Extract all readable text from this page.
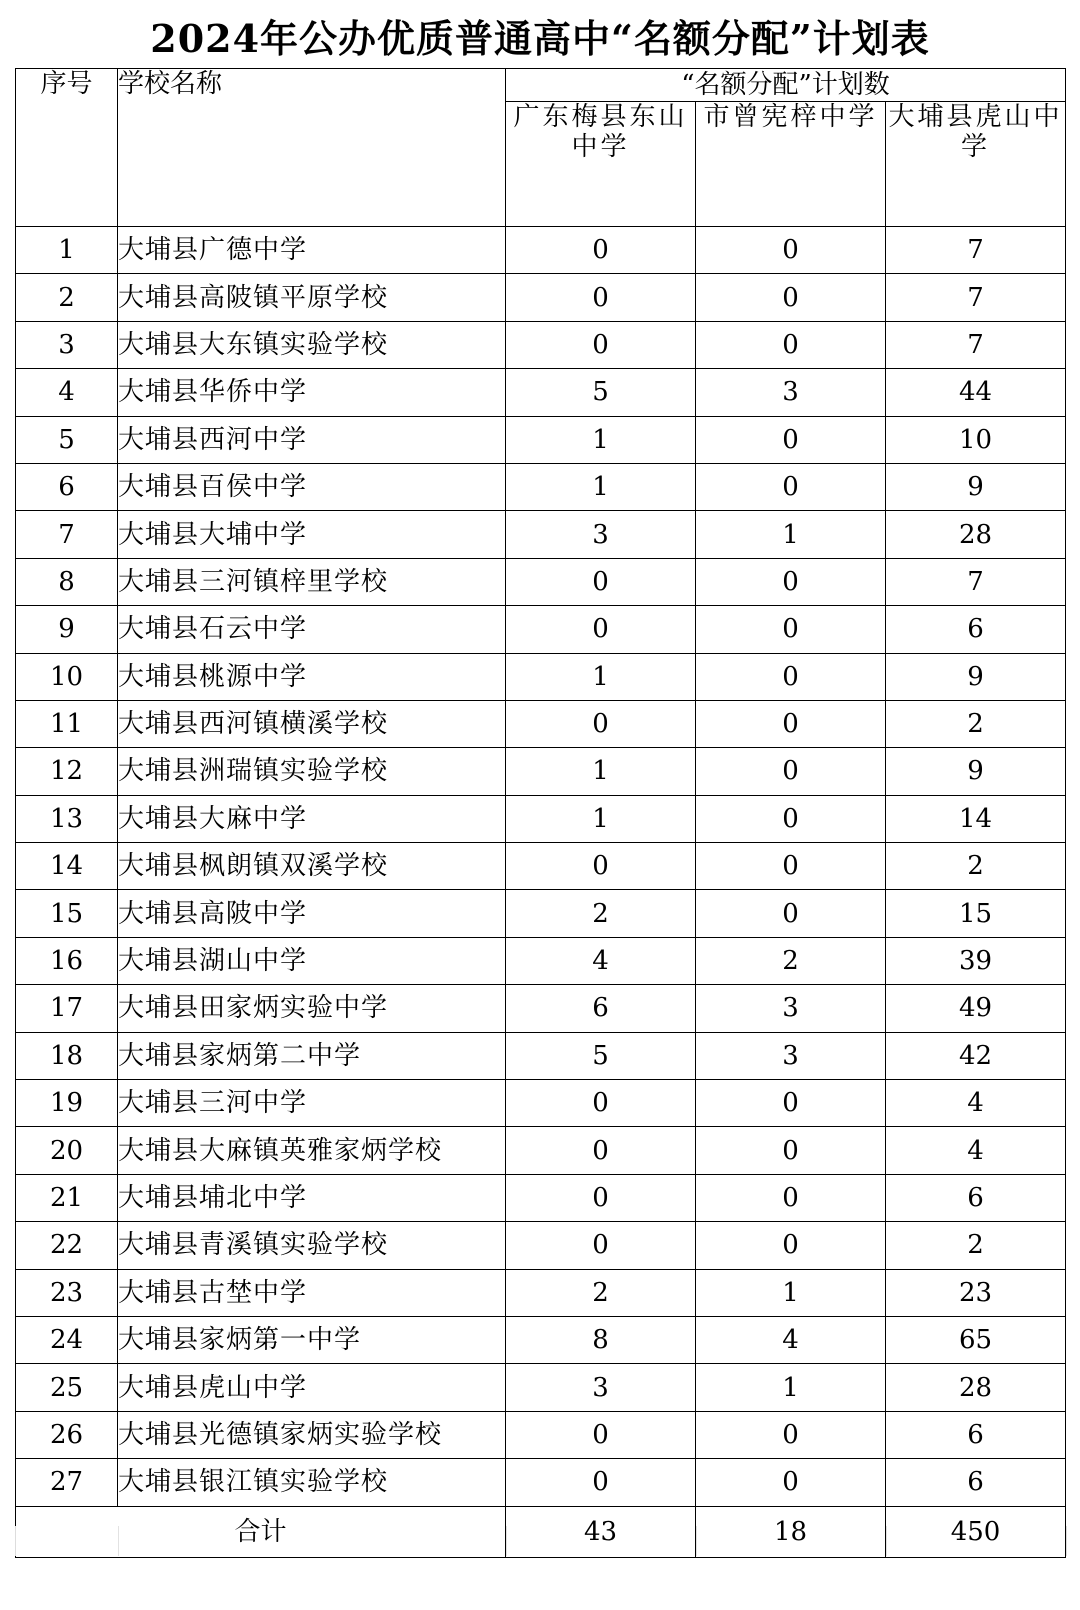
2024年公办优质普通高中“名额分配”计划表
序号	学校名称	“名额分配”计划数		
		广东梅县东山中学	市曾宪梓中学	大埔县虎山中学
1	大埔县广德中学	0	0	7
2	大埔县高陂镇平原学校	0	0	7
3	大埔县大东镇实验学校	0	0	7
4	大埔县华侨中学	5	3	44
5	大埔县西河中学	1	0	10
6	大埔县百侯中学	1	0	9
7	大埔县大埔中学	3	1	28
8	大埔县三河镇梓里学校	0	0	7
9	大埔县石云中学	0	0	6
10	大埔县桃源中学	1	0	9
11	大埔县西河镇横溪学校	0	0	2
12	大埔县洲瑞镇实验学校	1	0	9
13	大埔县大麻中学	1	0	14
14	大埔县枫朗镇双溪学校	0	0	2
15	大埔县高陂中学	2	0	15
16	大埔县湖山中学	4	2	39
17	大埔县田家炳实验中学	6	3	49
18	大埔县家炳第二中学	5	3	42
19	大埔县三河中学	0	0	4
20	大埔县大麻镇英雅家炳学校	0	0	4
21	大埔县埔北中学	0	0	6
22	大埔县青溪镇实验学校	0	0	2
23	大埔县古埜中学	2	1	23
24	大埔县家炳第一中学	8	4	65
25	大埔县虎山中学	3	1	28
26	大埔县光德镇家炳实验学校	0	0	6
27	大埔县银江镇实验学校	0	0	6
合计		43	18	450
